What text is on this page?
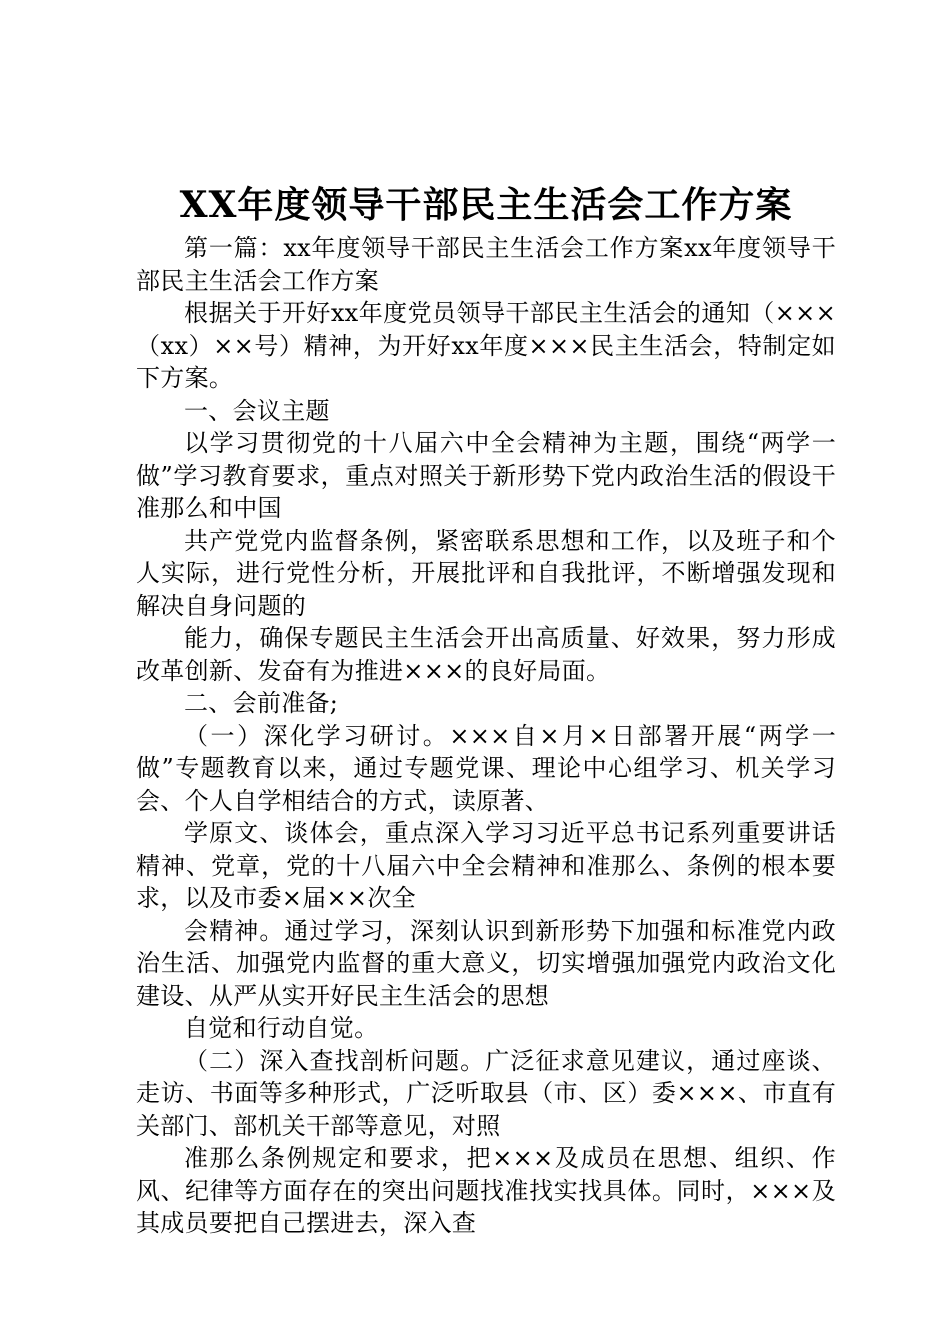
XX年度领导干部民主生活会工作方案

第一篇：xx年度领导干部民主生活会工作方案xx年度领导干部民主生活会工作方案

根据关于开好xx年度党员领导干部民主生活会的通知（×××（xx）××号）精神，为开好xx年度×××民主生活会，特制定如下方案。

一、会议主题

以学习贯彻党的十八届六中全会精神为主题，围绕“两学一做”学习教育要求，重点对照关于新形势下党内政治生活的假设干准那么和中国

共产党党内监督条例，紧密联系思想和工作，以及班子和个人实际，进行党性分析，开展批评和自我批评，不断增强发现和解决自身问题的

能力，确保专题民主生活会开出高质量、好效果，努力形成改革创新、发奋有为推进×××的良好局面。

二、会前准备;

（一）深化学习研讨。×××自×月×日部署开展“两学一做”专题教育以来，通过专题党课、理论中心组学习、机关学习会、个人自学相结合的方式，读原著、

学原文、谈体会，重点深入学习习近平总书记系列重要讲话精神、党章，党的十八届六中全会精神和准那么、条例的根本要求，以及市委×届××次全

会精神。通过学习，深刻认识到新形势下加强和标准党内政治生活、加强党内监督的重大意义，切实增强加强党内政治文化建设、从严从实开好民主生活会的思想

自觉和行动自觉。

（二）深入查找剖析问题。广泛征求意见建议，通过座谈、走访、书面等多种形式，广泛听取县（市、区）委×××、市直有关部门、部机关干部等意见，对照

准那么条例规定和要求，把×××及成员在思想、组织、作风、纪律等方面存在的突出问题找准找实找具体。同时，×××及其成员要把自己摆进去，深入查
